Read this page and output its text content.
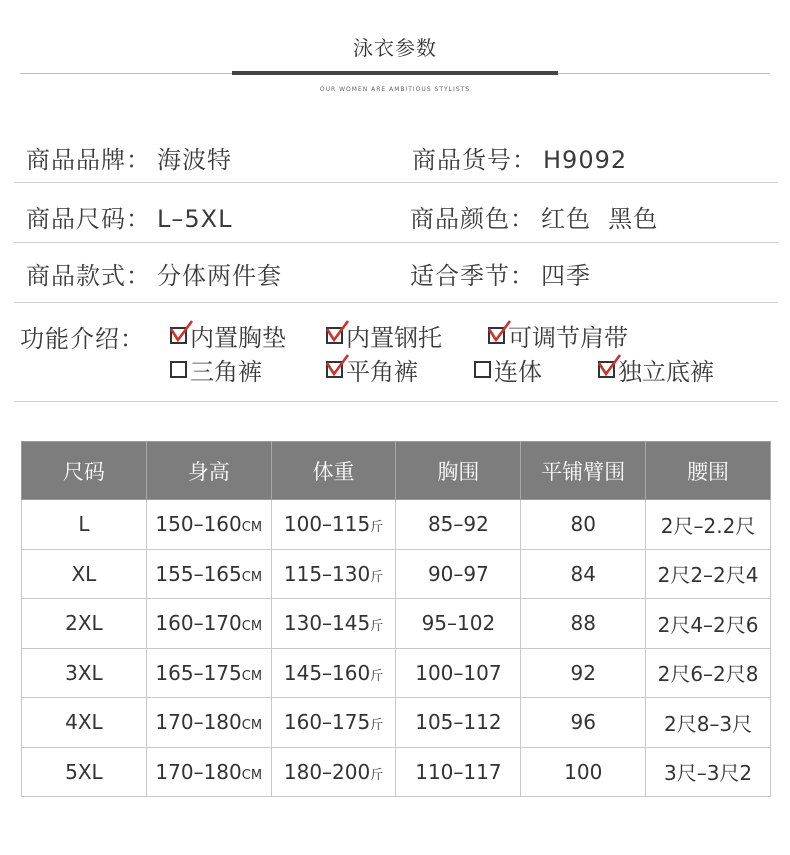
泳衣参数
OUR WOMEN ARE AMBITIOUS STYLISTS
商品品牌： 海波特	商品货号： H9092
商品尺码： L–5XL	商品颜色： 红色  黑色
商品款式： 分体两件套	适合季节： 四季
功能介绍： 内置胸垫	内置钢托	可调节肩带
三角裤	平角裤	连体	独立底裤
尺码	身高	体重	胸围	平铺臂围	腰围
L	150–160CM	100–115斤	85–92	80	2尺–2.2尺
XL	155–165CM	115–130斤	90–97	84	2尺2–2尺4
2XL	160–170CM	130–145斤	95–102	88	2尺4–2尺6
3XL	165–175CM	145–160斤	100–107	92	2尺6–2尺8
4XL	170–180CM	160–175斤	105–112	96	2尺8–3尺
5XL	170–180CM	180–200斤	110–117	100	3尺–3尺2
